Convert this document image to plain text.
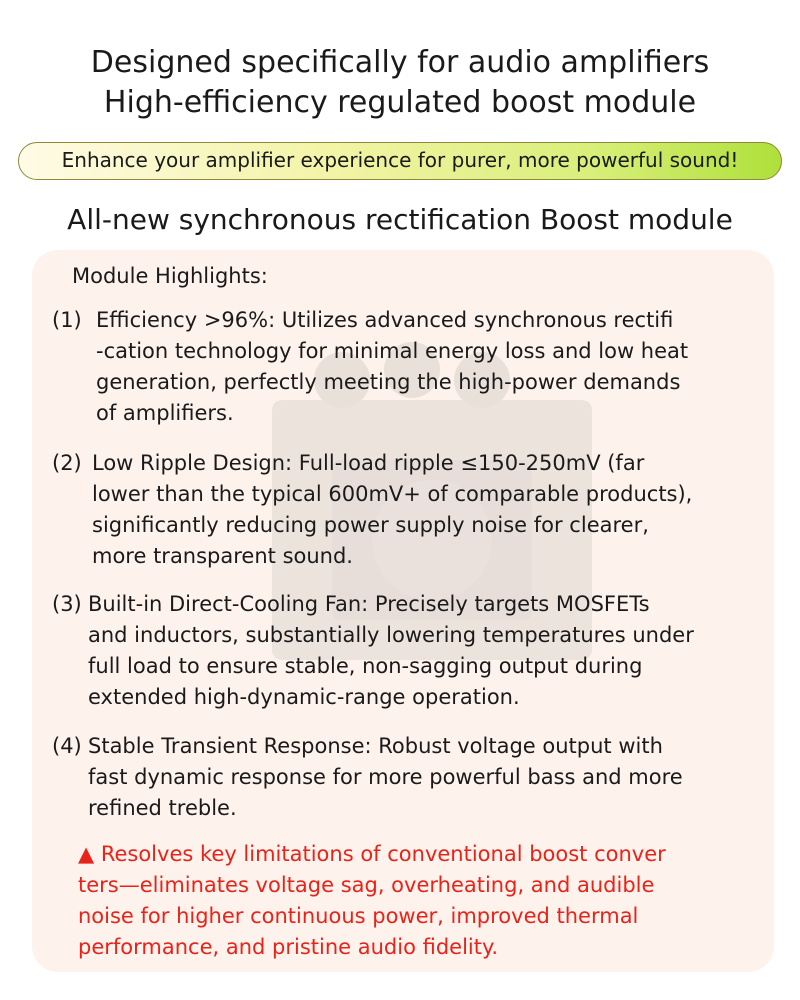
Designed specifically for audio amplifiers
High-efficiency regulated boost module
Enhance your amplifier experience for purer, more powerful sound!
All-new synchronous rectification Boost module
Module Highlights:
(1) Efficiency >96%: Utilizes advanced synchronous rectifi
-cation technology for minimal energy loss and low heat
generation, perfectly meeting the high-power demands
of amplifiers.
(2) Low Ripple Design: Full-load ripple ≤150-250mV (far
lower than the typical 600mV+ of comparable products),
significantly reducing power supply noise for clearer,
more transparent sound.
(3) Built-in Direct-Cooling Fan: Precisely targets MOSFETs
and inductors, substantially lowering temperatures under
full load to ensure stable, non-sagging output during
extended high-dynamic-range operation.
(4) Stable Transient Response: Robust voltage output with
fast dynamic response for more powerful bass and more
refined treble.
▲ Resolves key limitations of conventional boost conver
ters—eliminates voltage sag, overheating, and audible
noise for higher continuous power, improved thermal
performance, and pristine audio fidelity.
